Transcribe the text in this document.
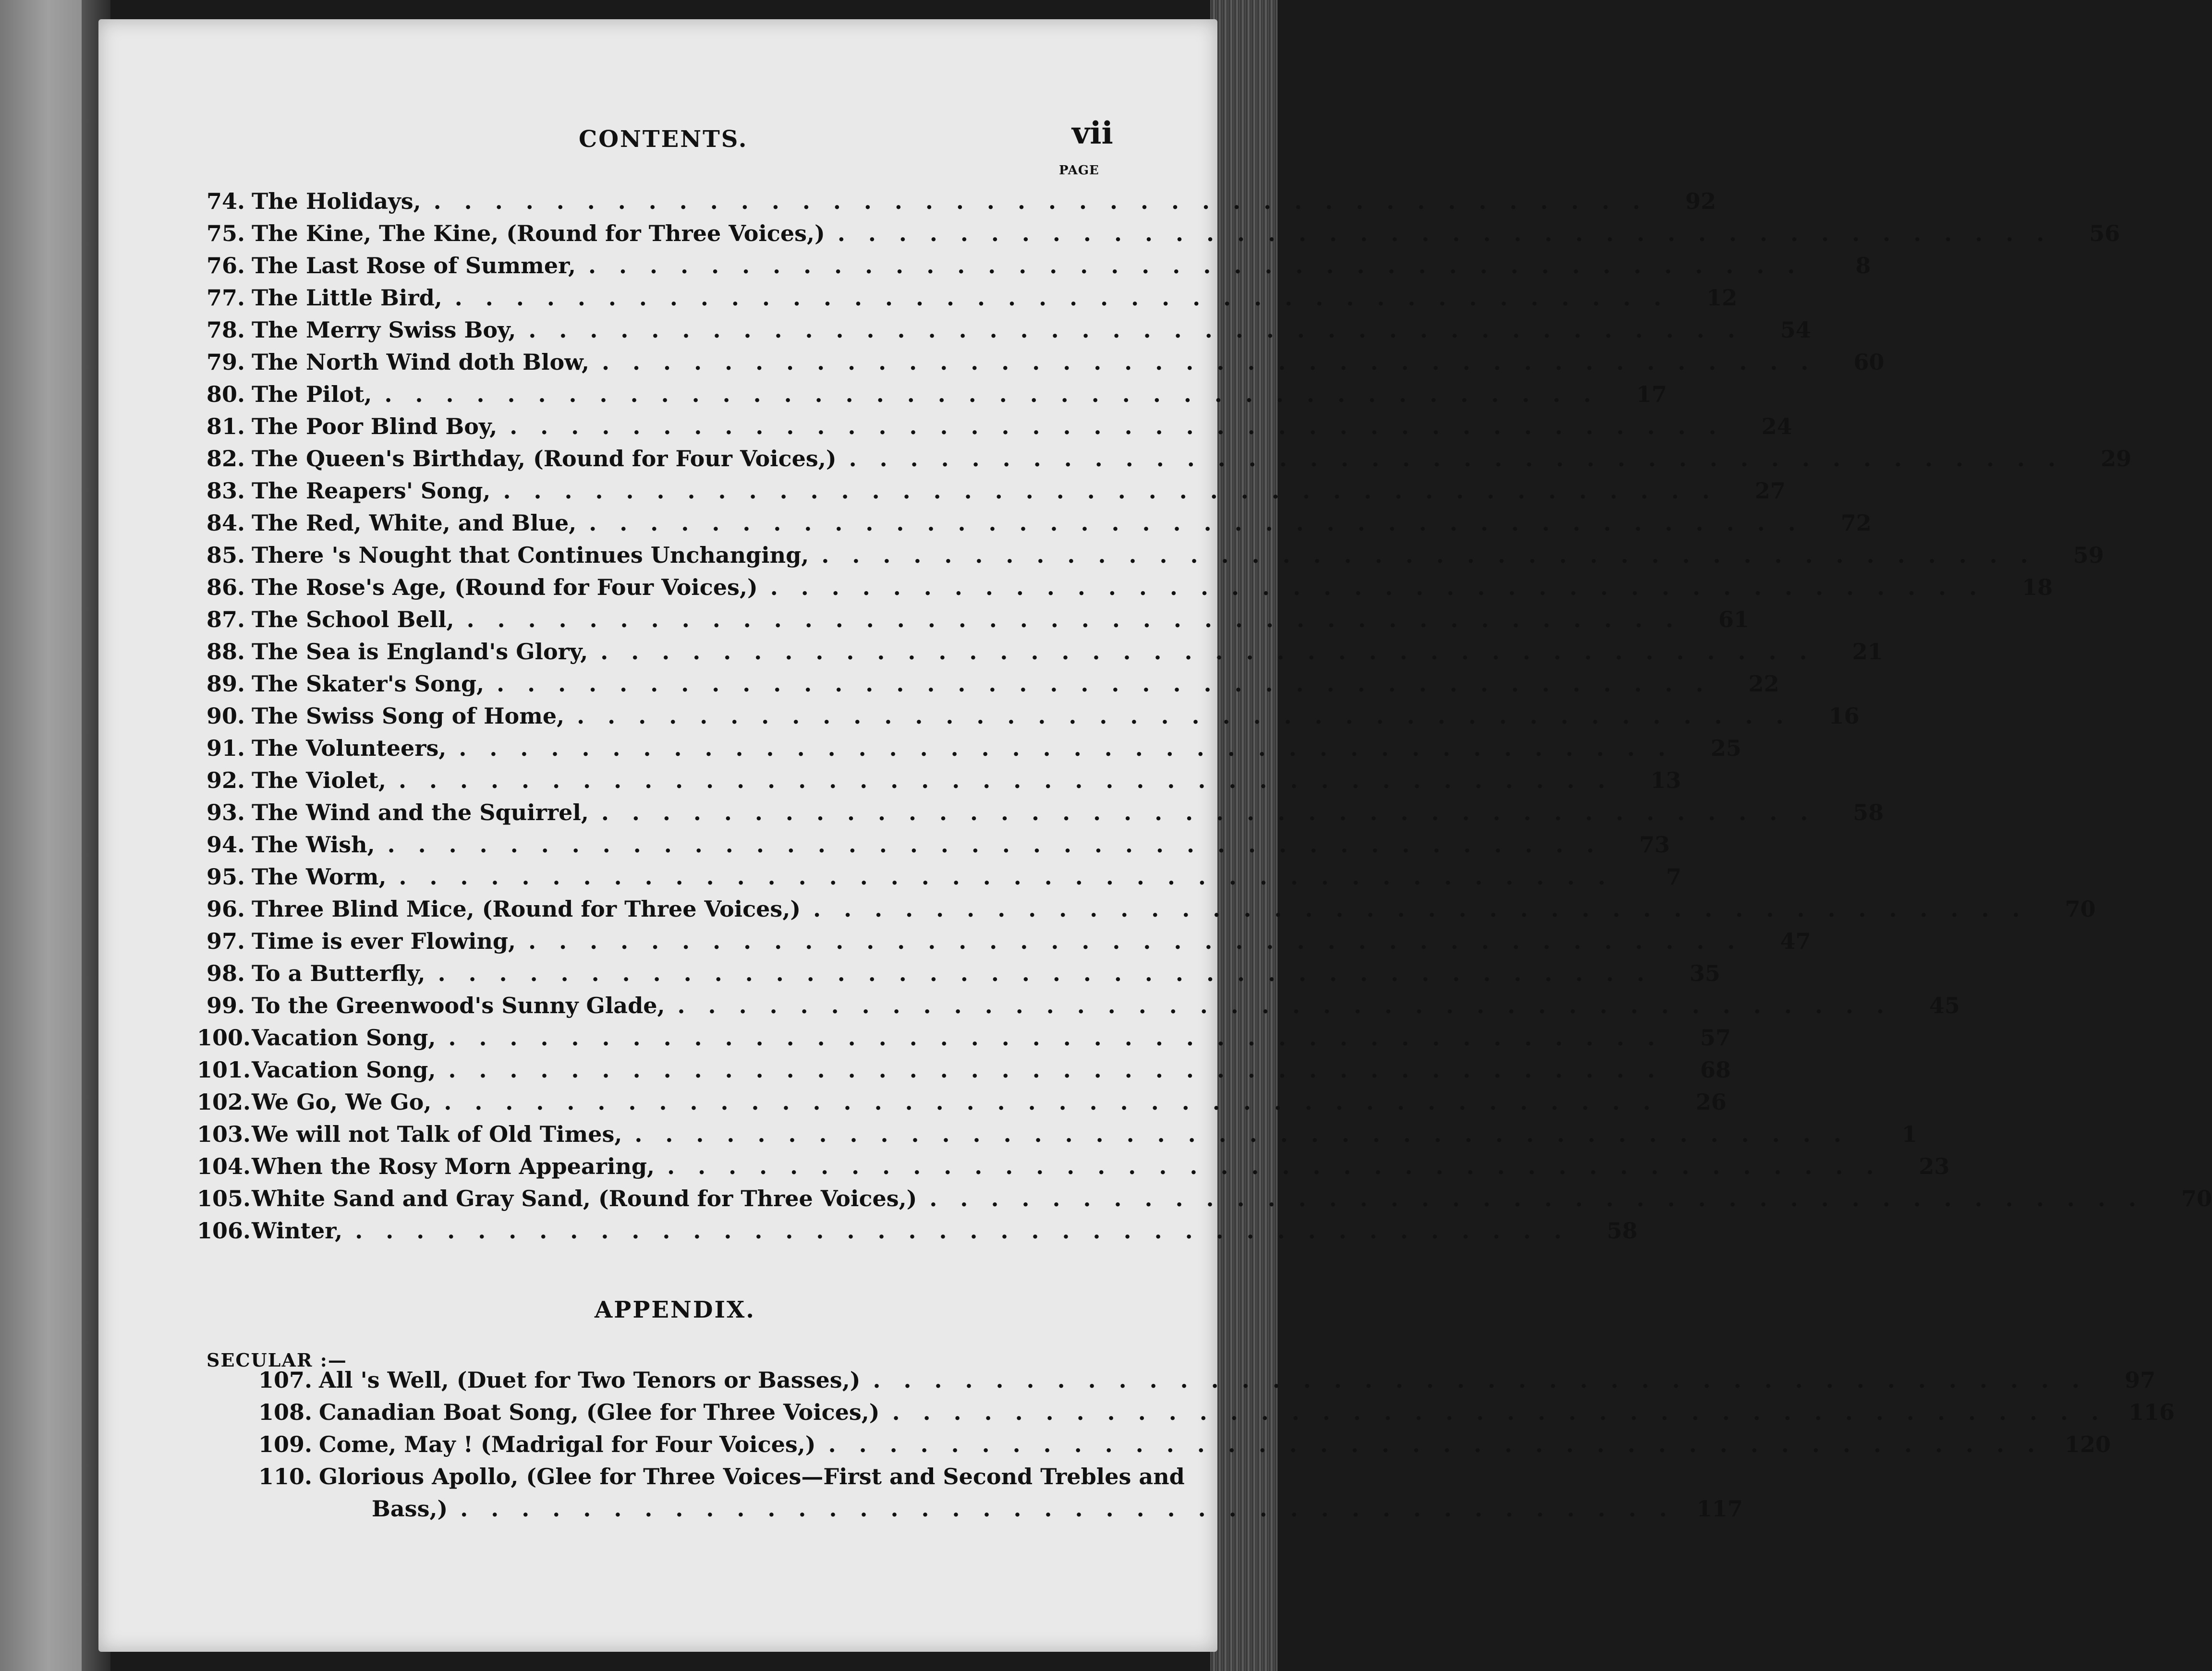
CONTENTS.	vii
PAGE
74. The Holidays, ........................................ 92
75. The Kine, The Kine, (Round for Three Voices,) ........................................ 56
76. The Last Rose of Summer, ........................................	8
77. The Little Bird, ........................................ 12
78. The Merry Swiss Boy, ........................................ 54
79. The North Wind doth Blow, ........................................ 60
80. The Pilot, ........................................ 17
81. The Poor Blind Boy, ........................................ 24
82. The Queen's Birthday, (Round for Four Voices,) ........................................ 29
83. The Reapers' Song, ........................................ 27
84. The Red, White, and Blue, ........................................ 72
85. There 's Nought that Continues Unchanging, ........................................ 59
86. The Rose's Age, (Round for Four Voices,) ........................................ 18
87. The School Bell, ........................................ 61
88. The Sea is England's Glory, ........................................ 21
89. The Skater's Song, ........................................ 22
90. The Swiss Song of Home, ........................................ 16
91. The Volunteers, ........................................ 25
92. The Violet, ........................................ 13
93. The Wind and the Squirrel, ........................................ 58
94. The Wish, ........................................ 73
95. The Worm, ........................................	7
96. Three Blind Mice, (Round for Three Voices,) ........................................ 70
97. Time is ever Flowing, ........................................ 47
98. To a Butterfly, ........................................ 35
99. To the Greenwood's Sunny Glade, ........................................ 45
100. Vacation Song, ........................................ 57
101. Vacation Song, ........................................ 68
102. We Go, We Go, ........................................ 26
103. We will not Talk of Old Times, ........................................	1
104. When the Rosy Morn Appearing, ........................................ 23
105. White Sand and Gray Sand, (Round for Three Voices,) ........................................ 70
106. Winter, ........................................ 58
APPENDIX.
SECULAR :—
107. All 's Well, (Duet for Two Tenors or Basses,) ........................................ 97
108. Canadian Boat Song, (Glee for Three Voices,) ........................................ 116
109. Come, May ! (Madrigal for Four Voices,) ........................................ 120
110. Glorious Apollo, (Glee for Three Voices—First and Second Trebles and
Bass,) ........................................ 117
